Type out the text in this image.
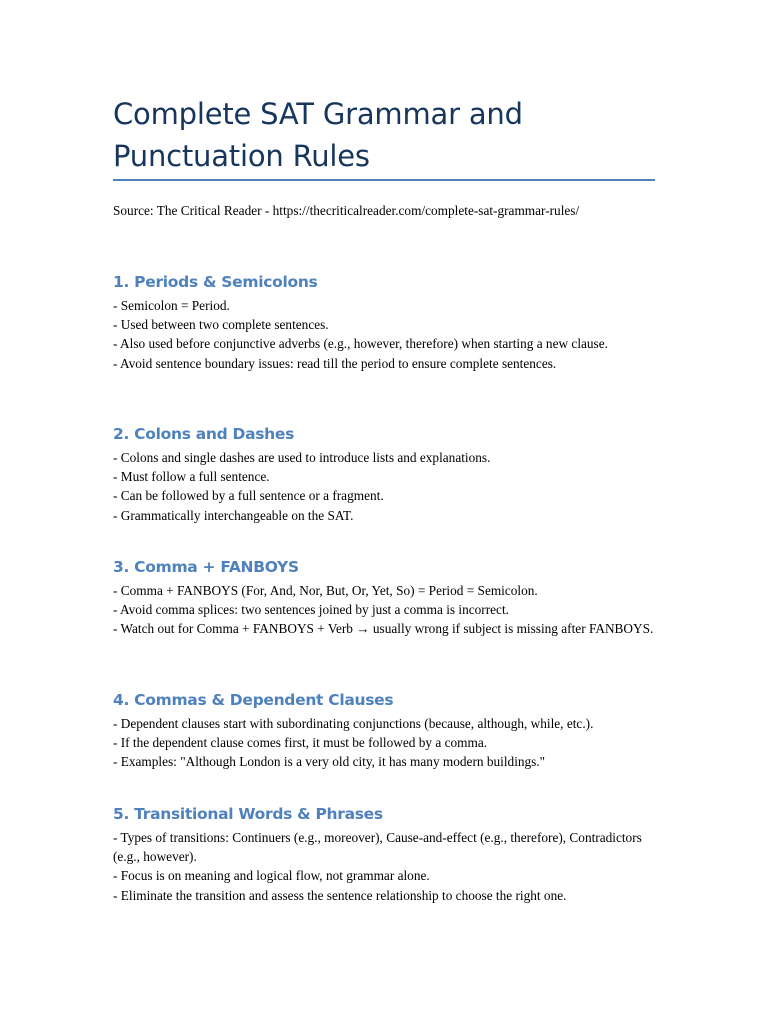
Complete SAT Grammar and Punctuation Rules

Source: The Critical Reader - https://thecriticalreader.com/complete-sat-grammar-rules/

1. Periods & Semicolons
- Semicolon = Period.
- Used between two complete sentences.
- Also used before conjunctive adverbs (e.g., however, therefore) when starting a new clause.
- Avoid sentence boundary issues: read till the period to ensure complete sentences.
2. Colons and Dashes
- Colons and single dashes are used to introduce lists and explanations.
- Must follow a full sentence.
- Can be followed by a full sentence or a fragment.
- Grammatically interchangeable on the SAT.
3. Comma + FANBOYS
- Comma + FANBOYS (For, And, Nor, But, Or, Yet, So) = Period = Semicolon.
- Avoid comma splices: two sentences joined by just a comma is incorrect.
- Watch out for Comma + FANBOYS + Verb → usually wrong if subject is missing after FANBOYS.
4. Commas & Dependent Clauses
- Dependent clauses start with subordinating conjunctions (because, although, while, etc.).
- If the dependent clause comes first, it must be followed by a comma.
- Examples: "Although London is a very old city, it has many modern buildings."
5. Transitional Words & Phrases
- Types of transitions: Continuers (e.g., moreover), Cause-and-effect (e.g., therefore), Contradictors (e.g., however).
- Focus is on meaning and logical flow, not grammar alone.
- Eliminate the transition and assess the sentence relationship to choose the right one.
